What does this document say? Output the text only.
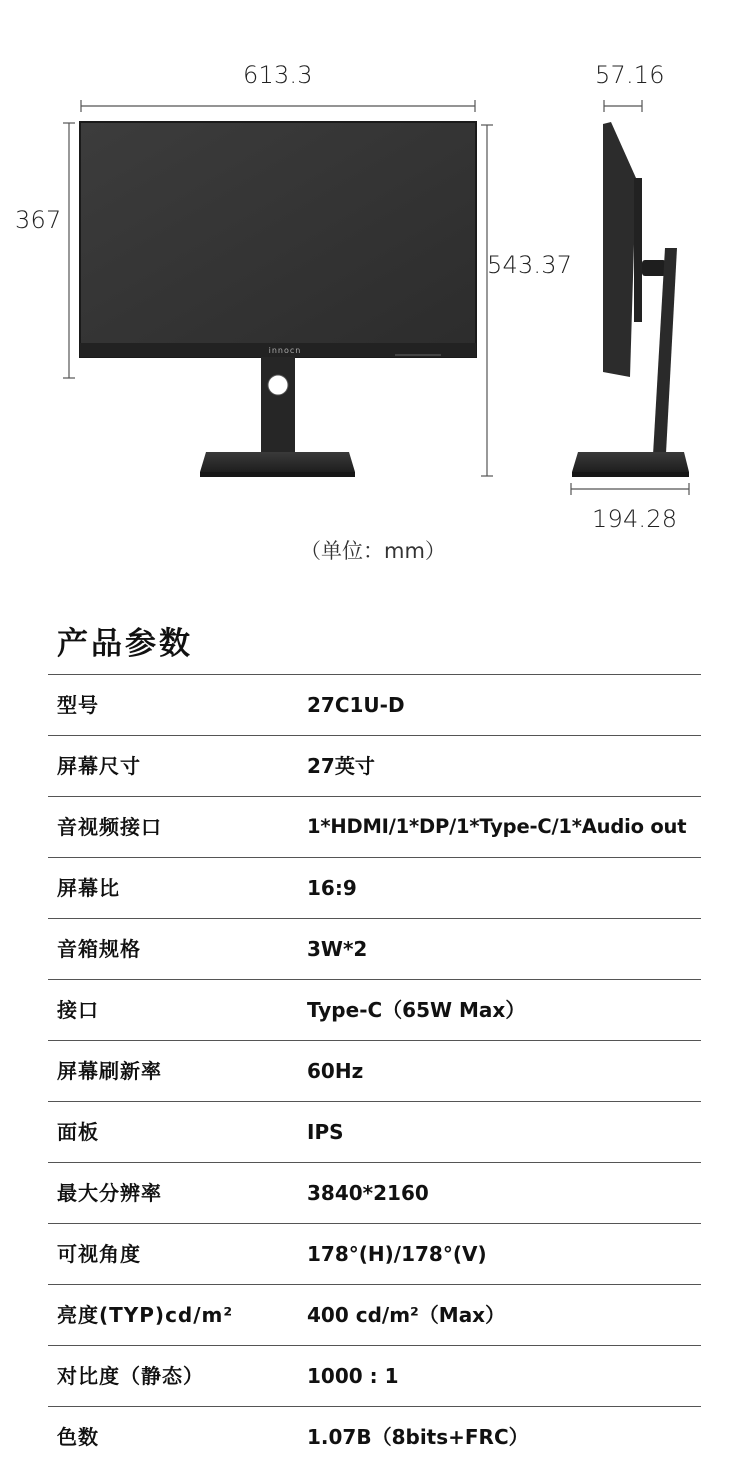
613.3
367
543.37
57.16
194.28
（单位：mm）
innocn
产品参数
型号	27C1U-D
屏幕尺寸	27英寸
音视频接口	1*HDMI/1*DP/1*Type-C/1*Audio out
屏幕比	16:9
音箱规格	3W*2
接口	Type-C（65W Max）
屏幕刷新率	60Hz
面板	IPS
最大分辨率	3840*2160
可视角度	178°(H)/178°(V)
亮度(TYP)cd/m²	400 cd/m²（Max）
对比度（静态）	1000 : 1
色数	1.07B（8bits+FRC）
